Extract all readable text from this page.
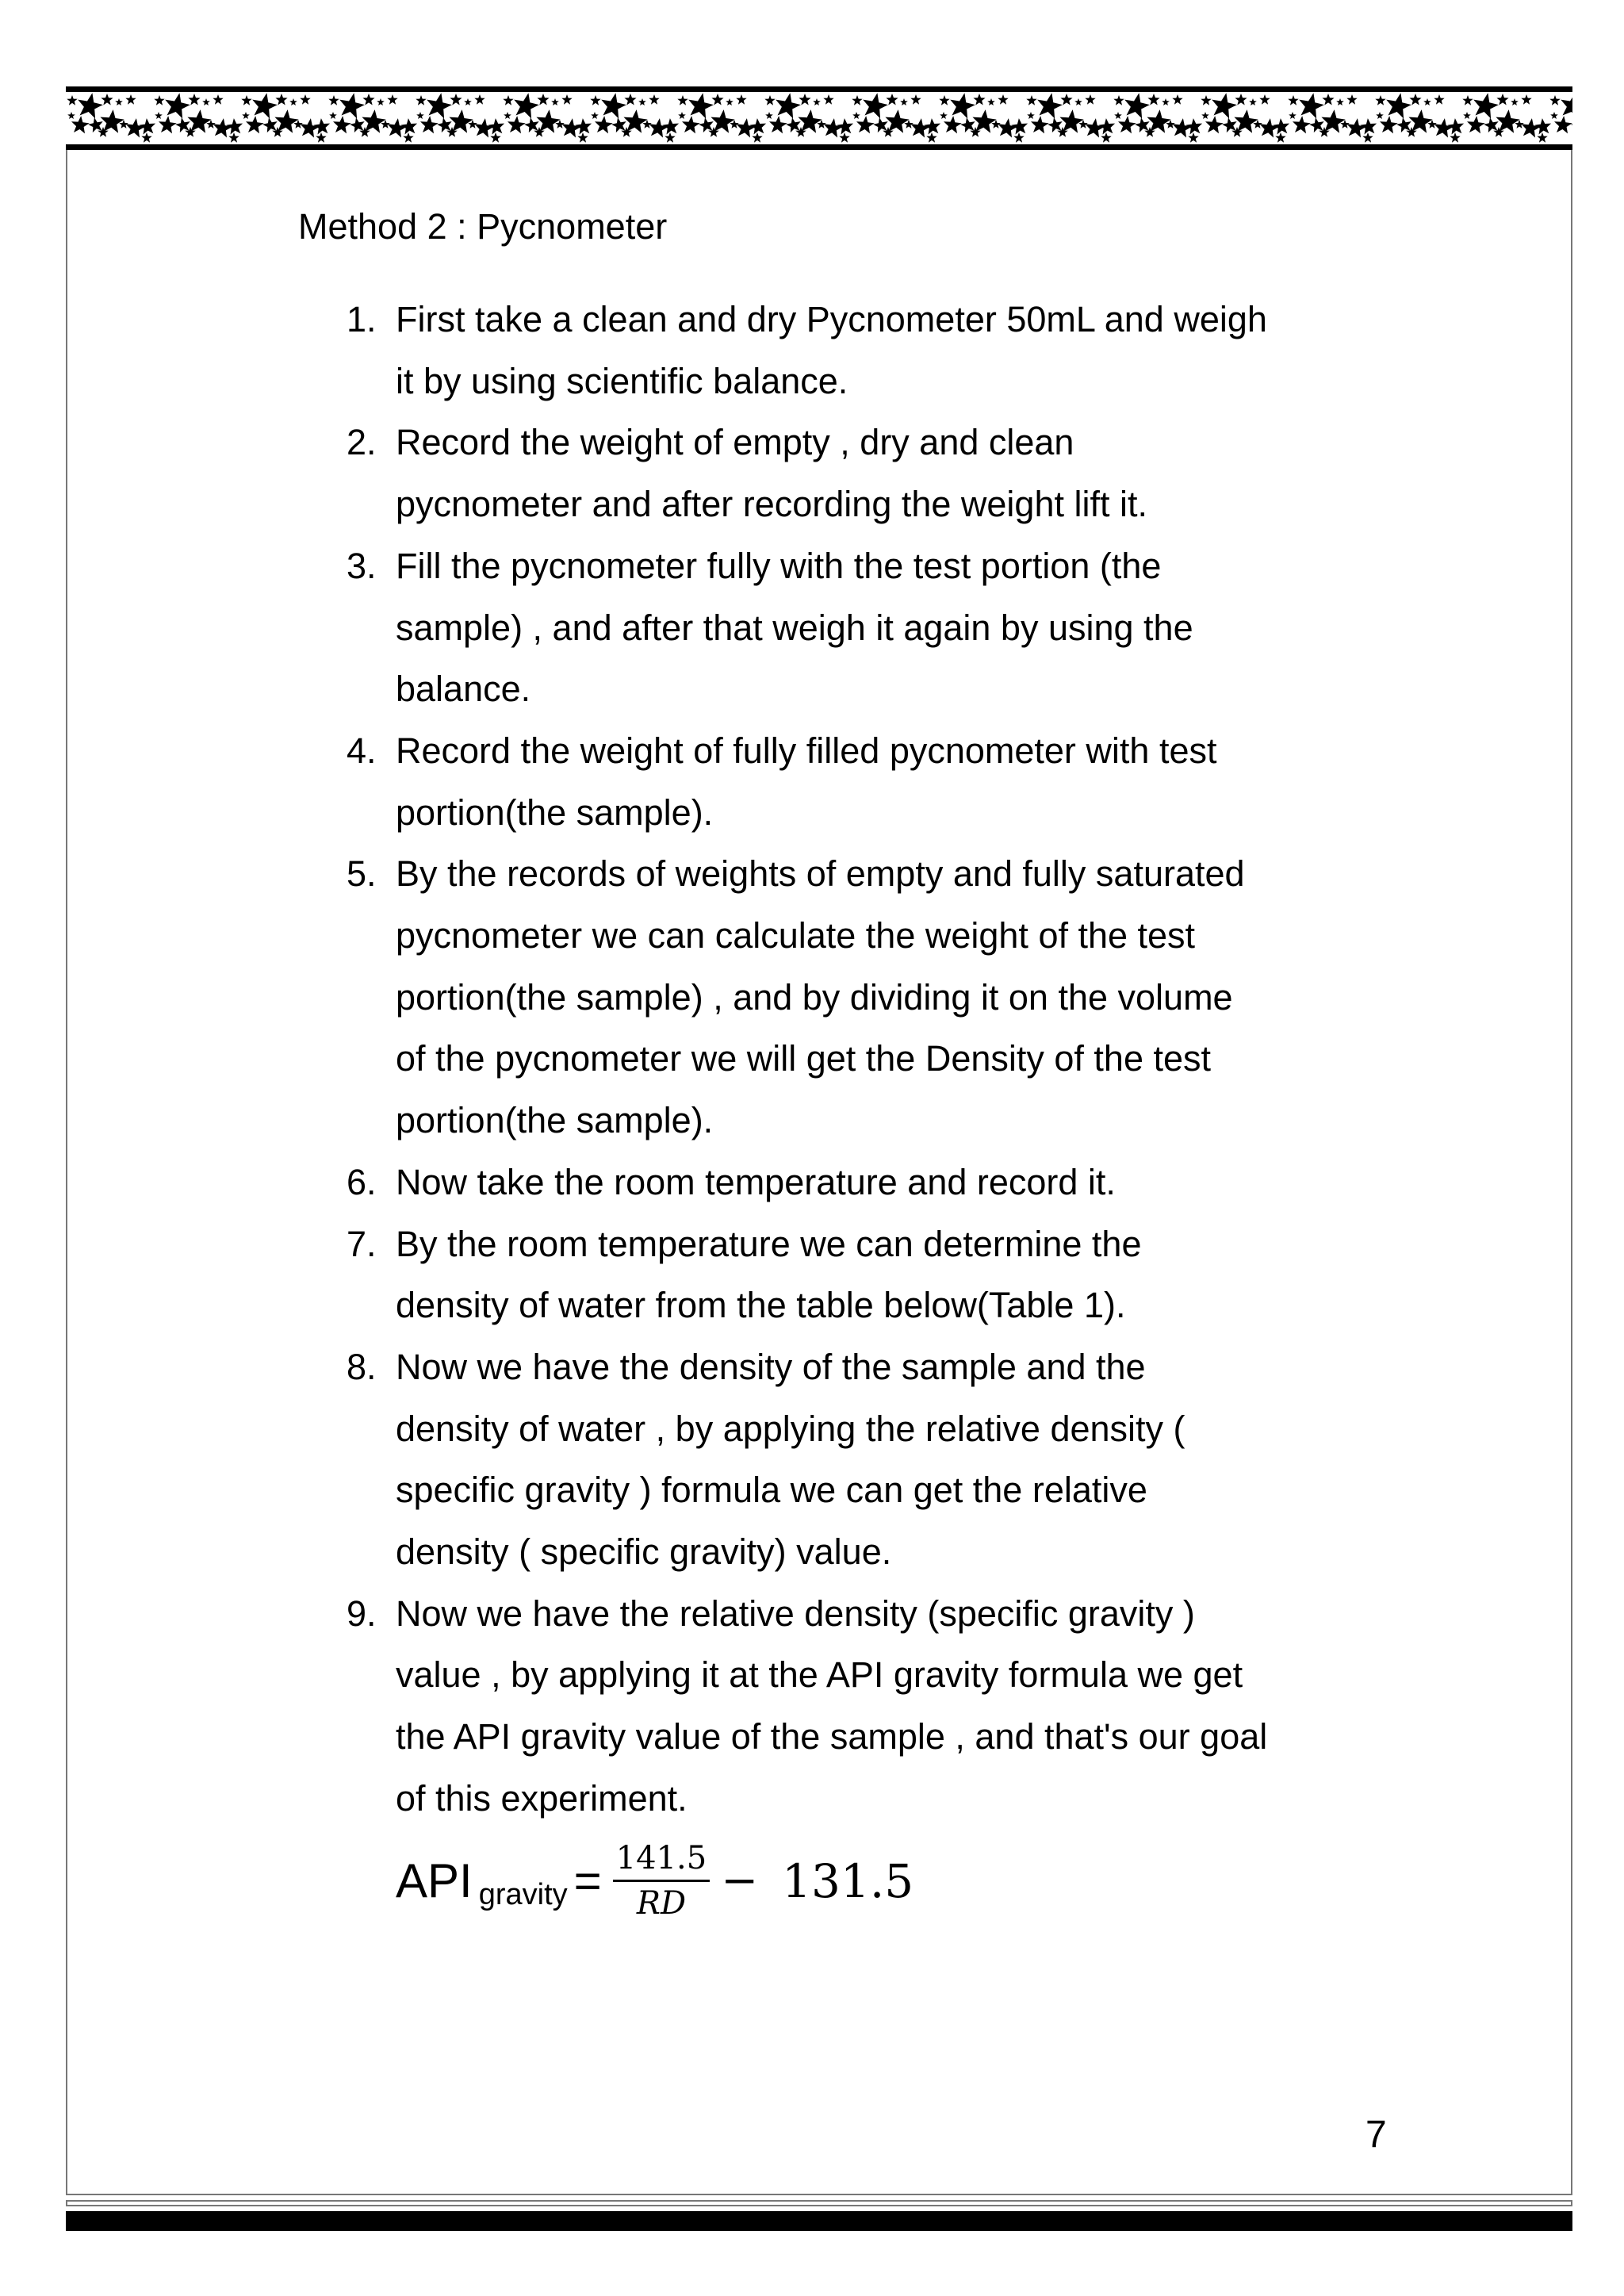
Method 2 : Pycnometer
1. First take a clean and dry Pycnometer 50mL and weigh
it by using scientific balance.
2. Record the weight of empty , dry and clean
pycnometer and after recording the weight lift it.
3. Fill the pycnometer fully with the test portion (the
sample) , and after that weigh it again by using the
balance.
4. Record the weight of fully filled pycnometer with test
portion(the sample).
5. By the records of weights of empty and fully saturated
pycnometer we can calculate the weight of the test
portion(the sample) , and by dividing it on the volume
of the pycnometer we will get the Density of the test
portion(the sample).
6. Now take the room temperature and record it.
7. By the room temperature we can determine the
density of water from the table below(Table 1).
8. Now we have the density of the sample and the
density of water , by applying the relative density (
specific gravity ) formula we can get the relative
density ( specific gravity) value.
9. Now we have the relative density (specific gravity )
value , by applying it at the API gravity formula we get
the API gravity value of the sample , and that's our goal
of this experiment.
API gravity = $\frac{141.5}{RD} - 131.5$
7
